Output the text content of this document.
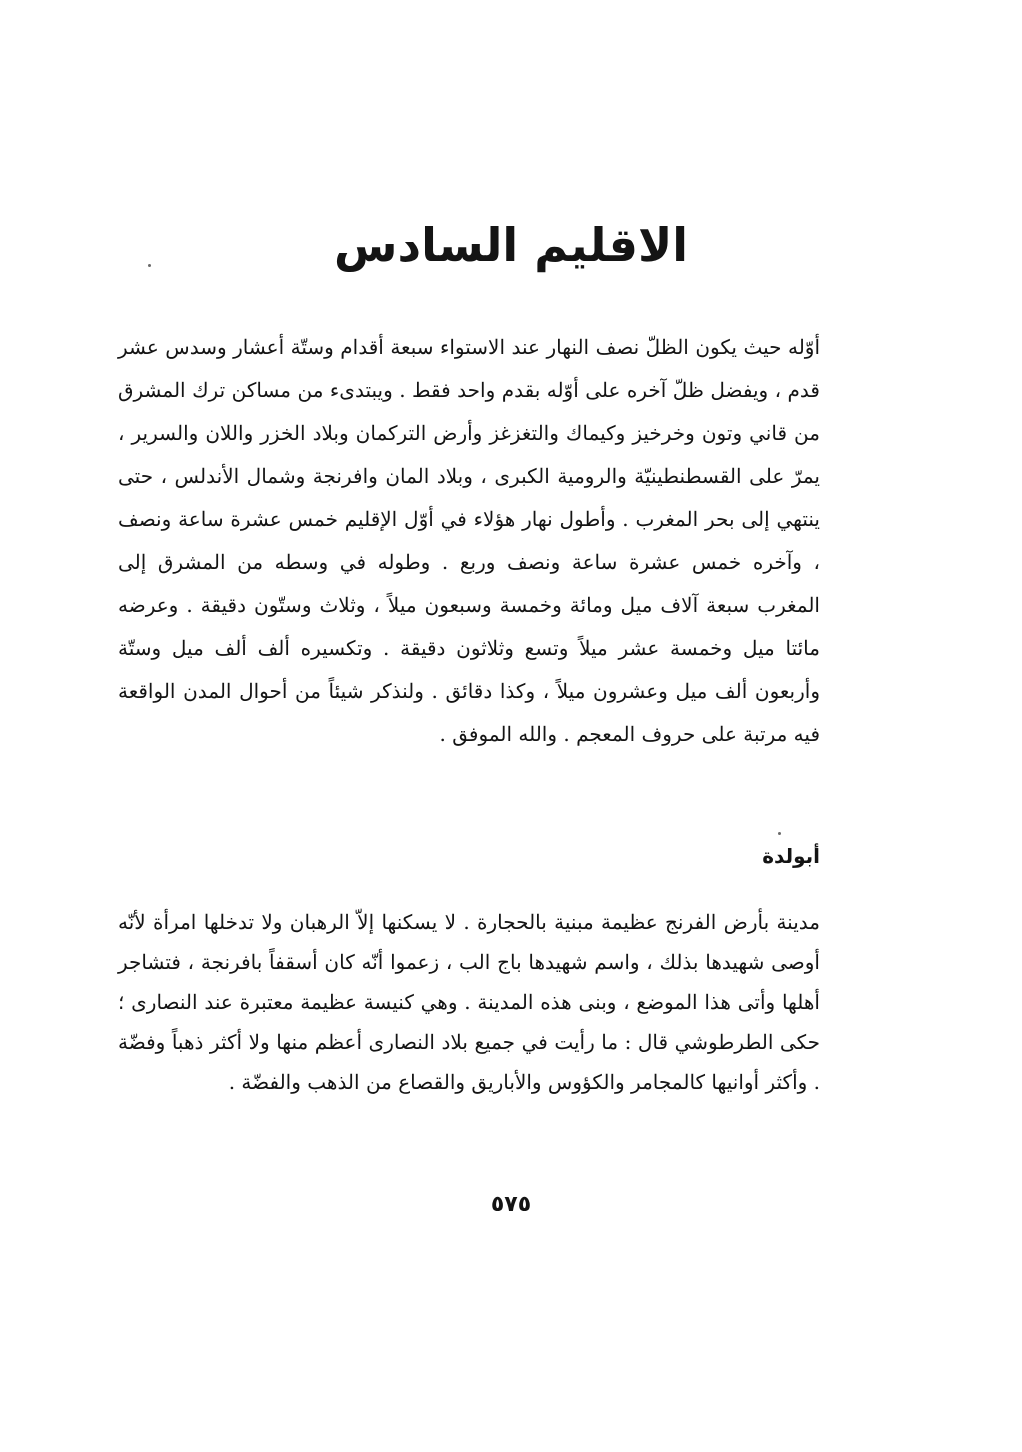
الاقليم السادس

أوّله حيث يكون الظلّ نصف النهار عند الاستواء سبعة أقدام وستّة أعشار وسدس عشر قدم ، ويفضل ظلّ آخره على أوّله بقدم واحد فقط . ويبتدىء من مساكن ترك المشرق من قاني وتون وخرخيز وكيماك والتغزغز وأرض التركمان وبلاد الخزر واللان والسرير ، يمرّ على القسطنطينيّة والرومية الكبرى ، وبلاد المان وافرنجة وشمال الأندلس ، حتى ينتهي إلى بحر المغرب . وأطول نهار هؤلاء في أوّل الإقليم خمس عشرة ساعة ونصف ، وآخره خمس عشرة ساعة ونصف وربع . وطوله في وسطه من المشرق إلى المغرب سبعة آلاف ميل ومائة وخمسة وسبعون ميلاً ، وثلاث وستّون دقيقة . وعرضه مائتا ميل وخمسة عشر ميلاً وتسع وثلاثون دقيقة . وتكسيره ألف ألف ميل وستّة وأربعون ألف ميل وعشرون ميلاً ، وكذا دقائق . ولنذكر شيئاً من أحوال المدن الواقعة فيه مرتبة على حروف المعجم . والله الموفق .

أبولدة

مدينة بأرض الفرنج عظيمة مبنية بالحجارة . لا يسكنها إلاّ الرهبان ولا تدخلها امرأة لأنّه أوصى شهيدها بذلك ، واسم شهيدها باج الب ، زعموا أنّه كان أسقفاً بافرنجة ، فتشاجر أهلها وأتى هذا الموضع ، وبنى هذه المدينة . وهي كنيسة عظيمة معتبرة عند النصارى ؛ حكى الطرطوشي قال : ما رأيت في جميع بلاد النصارى أعظم منها ولا أكثر ذهباً وفضّة . وأكثر أوانيها كالمجامر والكؤوس والأباريق والقصاع من الذهب والفضّة .

٥٧٥
